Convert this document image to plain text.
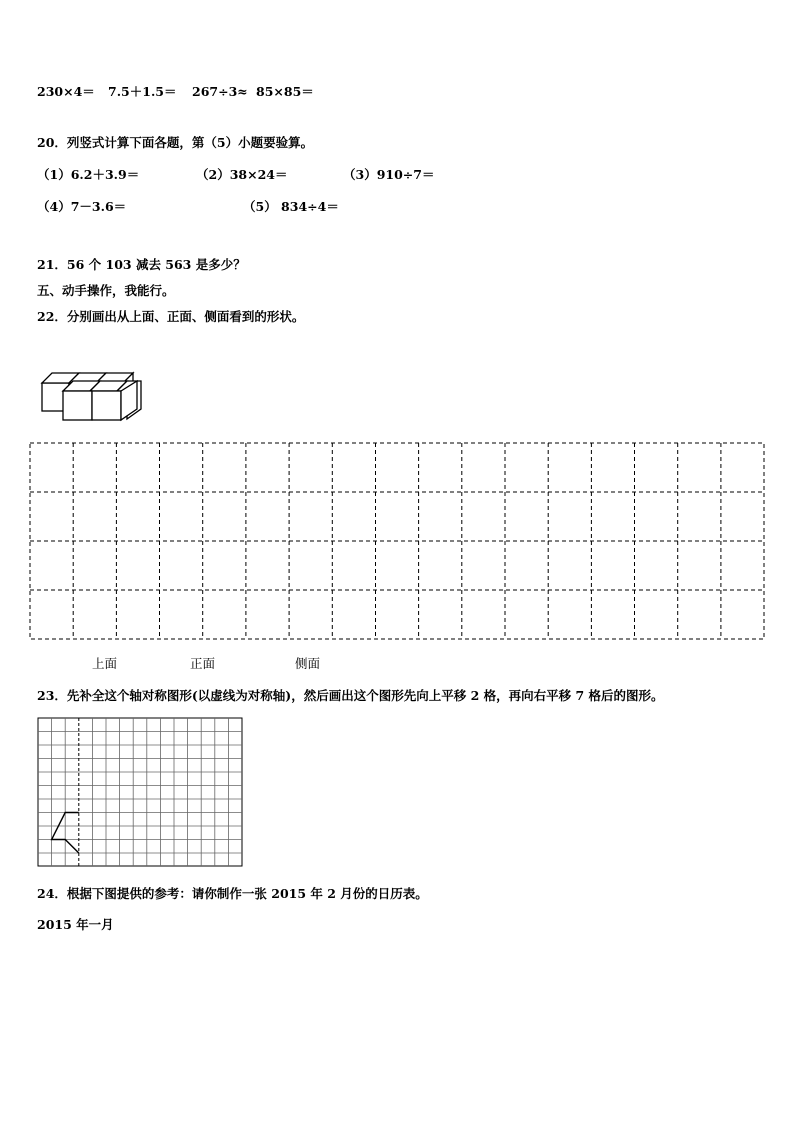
230×4＝ 7.5＋1.5＝ 267÷3≈ 85×85＝
20．列竖式计算下面各题，第（5）小题要验算。
（1）6.2＋3.9＝	（2）38×24＝	（3）910÷7＝
（4）7－3.6＝	（5） 834÷4＝
21．56 个 103 减去 563 是多少？
五、动手操作，我能行。
22．分别画出从上面、正面、侧面看到的形状。
上面	正面	侧面
23．先补全这个轴对称图形(以虚线为对称轴)，然后画出这个图形先向上平移 2 格，再向右平移 7 格后的图形。
24．根据下图提供的参考：请你制作一张 2015 年 2 月份的日历表。
2015 年一月
